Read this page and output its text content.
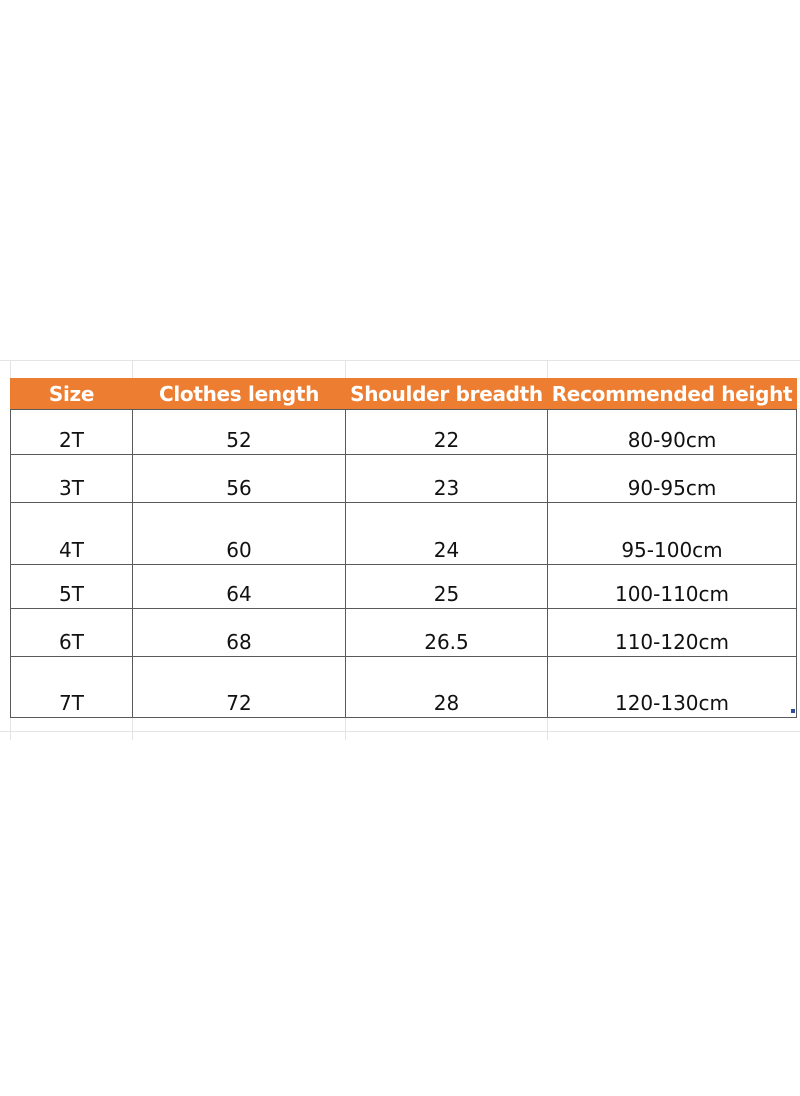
Size	Clothes length	Shoulder breadth	Recommended height
2T	52	22	80-90cm
3T	56	23	90-95cm
4T	60	24	95-100cm
5T	64	25	100-110cm
6T	68	26.5	110-120cm
7T	72	28	120-130cm
